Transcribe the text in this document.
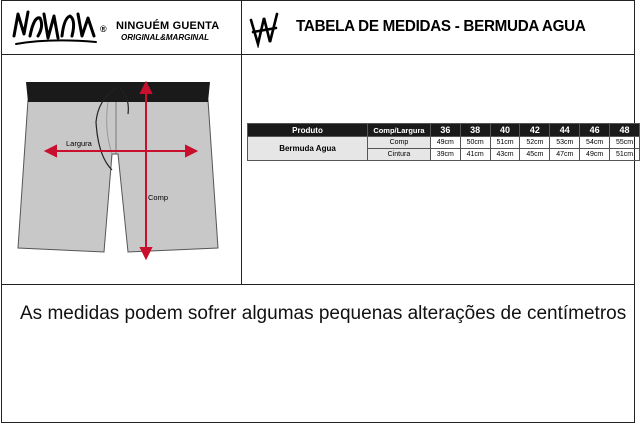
® NINGUÉM GUENTA
ORIGINAL&MARGINAL
TABELA DE MEDIDAS - BERMUDA AGUA
Largura
Comp
Produto	Comp/Largura	36	38	40	42	44	46	48
Bermuda Agua	Comp	49cm	50cm	51cm	52cm	53cm	54cm	55cm
	Cintura	39cm	41cm	43cm	45cm	47cm	49cm	51cm
As medidas podem sofrer algumas pequenas alterações de centímetros
